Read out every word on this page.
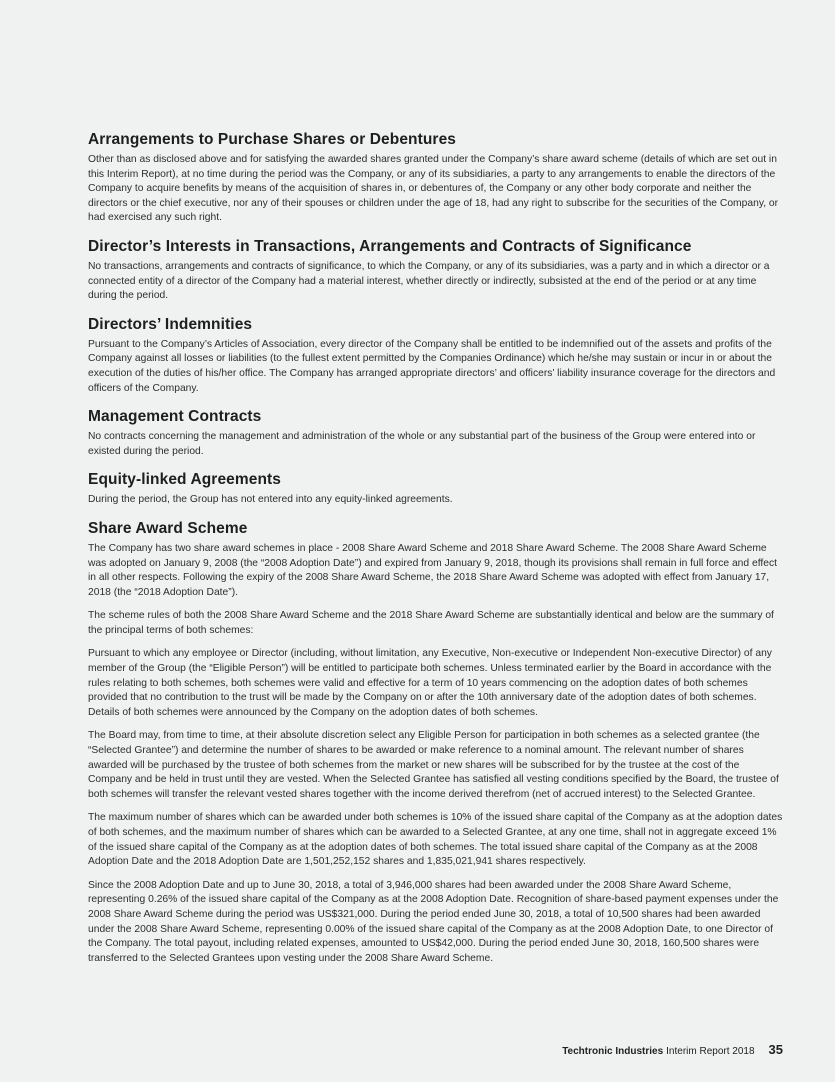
Arrangements to Purchase Shares or Debentures

Other than as disclosed above and for satisfying the awarded shares granted under the Company’s share award scheme (details of which are set out in this Interim Report), at no time during the period was the Company, or any of its subsidiaries, a party to any arrangements to enable the directors of the Company to acquire benefits by means of the acquisition of shares in, or debentures of, the Company or any other body corporate and neither the directors or the chief executive, nor any of their spouses or children under the age of 18, had any right to subscribe for the securities of the Company, or had exercised any such right.

Director’s Interests in Transactions, Arrangements and Contracts of Significance

No transactions, arrangements and contracts of significance, to which the Company, or any of its subsidiaries, was a party and in which a director or a connected entity of a director of the Company had a material interest, whether directly or indirectly, subsisted at the end of the period or at any time during the period.

Directors’ Indemnities

Pursuant to the Company’s Articles of Association, every director of the Company shall be entitled to be indemnified out of the assets and profits of the Company against all losses or liabilities (to the fullest extent permitted by the Companies Ordinance) which he/she may sustain or incur in or about the execution of the duties of his/her office. The Company has arranged appropriate directors’ and officers’ liability insurance coverage for the directors and officers of the Company.

Management Contracts

No contracts concerning the management and administration of the whole or any substantial part of the business of the Group were entered into or existed during the period.

Equity-linked Agreements

During the period, the Group has not entered into any equity-linked agreements.

Share Award Scheme

The Company has two share award schemes in place - 2008 Share Award Scheme and 2018 Share Award Scheme. The 2008 Share Award Scheme was adopted on January 9, 2008 (the “2008 Adoption Date”) and expired from January 9, 2018, though its provisions shall remain in full force and effect in all other respects. Following the expiry of the 2008 Share Award Scheme, the 2018 Share Award Scheme was adopted with effect from January 17, 2018 (the “2018 Adoption Date”).

The scheme rules of both the 2008 Share Award Scheme and the 2018 Share Award Scheme are substantially identical and below are the summary of the principal terms of both schemes:

Pursuant to which any employee or Director (including, without limitation, any Executive, Non-executive or Independent Non-executive Director) of any member of the Group (the “Eligible Person”) will be entitled to participate both schemes. Unless terminated earlier by the Board in accordance with the rules relating to both schemes, both schemes were valid and effective for a term of 10 years commencing on the adoption dates of both schemes provided that no contribution to the trust will be made by the Company on or after the 10th anniversary date of the adoption dates of both schemes. Details of both schemes were announced by the Company on the adoption dates of both schemes.

The Board may, from time to time, at their absolute discretion select any Eligible Person for participation in both schemes as a selected grantee (the “Selected Grantee”) and determine the number of shares to be awarded or make reference to a nominal amount. The relevant number of shares awarded will be purchased by the trustee of both schemes from the market or new shares will be subscribed for by the trustee at the cost of the Company and be held in trust until they are vested. When the Selected Grantee has satisfied all vesting conditions specified by the Board, the trustee of both schemes will transfer the relevant vested shares together with the income derived therefrom (net of accrued interest) to the Selected Grantee.

The maximum number of shares which can be awarded under both schemes is 10% of the issued share capital of the Company as at the adoption dates of both schemes, and the maximum number of shares which can be awarded to a Selected Grantee, at any one time, shall not in aggregate exceed 1% of the issued share capital of the Company as at the adoption dates of both schemes. The total issued share capital of the Company as at the 2008 Adoption Date and the 2018 Adoption Date are 1,501,252,152 shares and 1,835,021,941 shares respectively.

Since the 2008 Adoption Date and up to June 30, 2018, a total of 3,946,000 shares had been awarded under the 2008 Share Award Scheme, representing 0.26% of the issued share capital of the Company as at the 2008 Adoption Date. Recognition of share-based payment expenses under the 2008 Share Award Scheme during the period was US$321,000. During the period ended June 30, 2018, a total of 10,500 shares had been awarded under the 2008 Share Award Scheme, representing 0.00% of the issued share capital of the Company as at the 2008 Adoption Date, to one Director of the Company. The total payout, including related expenses, amounted to US$42,000. During the period ended June 30, 2018, 160,500 shares were transferred to the Selected Grantees upon vesting under the 2008 Share Award Scheme.

Techtronic Industries Interim Report 2018 35
